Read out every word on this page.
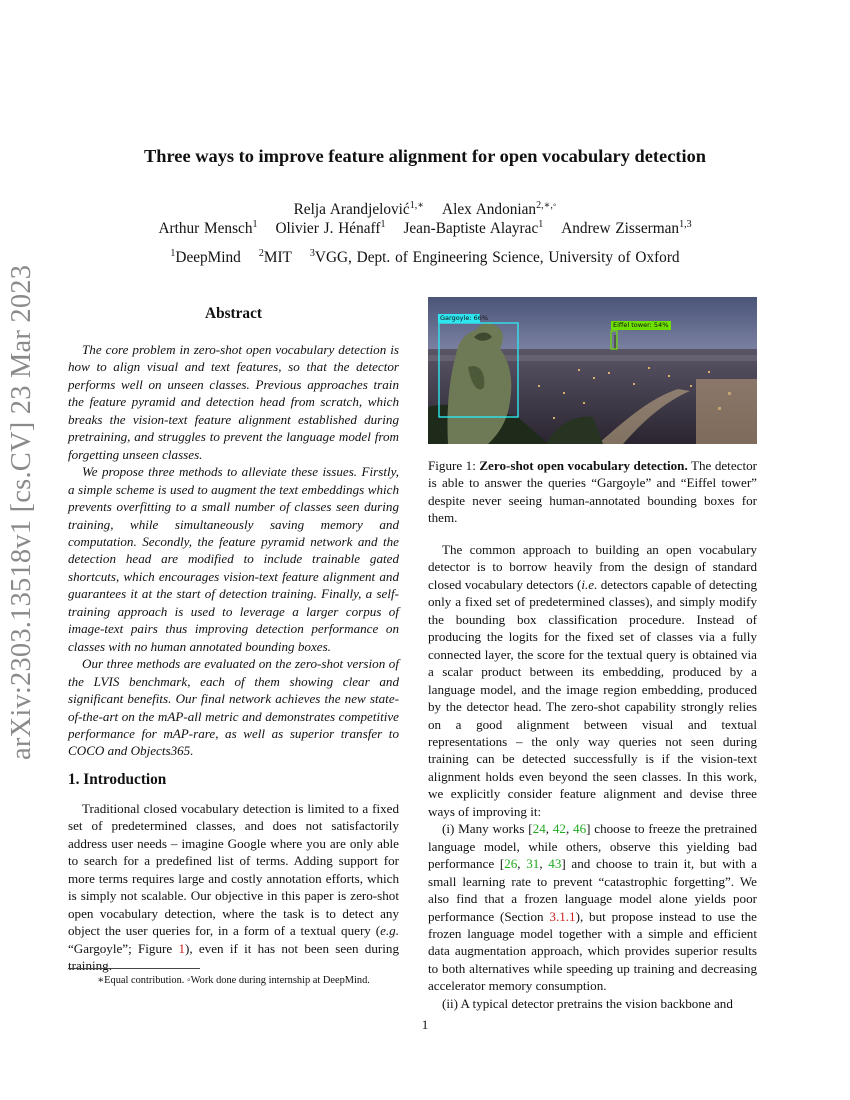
arXiv:2303.13518v1 [cs.CV] 23 Mar 2023
Three ways to improve feature alignment for open vocabulary detection
Relja Arandjelović$^{1,∗}$ Alex Andonian$^{2,∗,◦}$
Arthur Mensch$^1$ Olivier J. Hénaff$^1$ Jean-Baptiste Alayrac$^1$ Andrew Zisserman$^{1,3}$
$^1$DeepMind $^2$MIT $^3$VGG, Dept. of Engineering Science, University of Oxford
Abstract

The core problem in zero-shot open vocabulary detection is how to align visual and text features, so that the detector performs well on unseen classes. Previous approaches train the feature pyramid and detection head from scratch, which breaks the vision-text feature alignment established during pretraining, and struggles to prevent the language model from forgetting unseen classes.

We propose three methods to alleviate these issues. Firstly, a simple scheme is used to augment the text embeddings which prevents overfitting to a small number of classes seen during training, while simultaneously saving memory and computation. Secondly, the feature pyramid network and the detection head are modified to include trainable gated shortcuts, which encourages vision-text feature alignment and guarantees it at the start of detection training. Finally, a self-training approach is used to leverage a larger corpus of image-text pairs thus improving detection performance on classes with no human annotated bounding boxes.

Our three methods are evaluated on the zero-shot version of the LVIS benchmark, each of them showing clear and significant benefits. Our final network achieves the new state-of-the-art on the mAP-all metric and demonstrates competitive performance for mAP-rare, as well as superior transfer to COCO and Objects365.

1. Introduction

Traditional closed vocabulary detection is limited to a fixed set of predetermined classes, and does not satisfactorily address user needs – imagine Google where you are only able to search for a predefined list of terms. Adding support for more terms requires large and costly annotation efforts, which is simply not scalable. Our objective in this paper is zero-shot open vocabulary detection, where the task is to detect any object the user queries for, in a form of a textual query (e.g. “Gargoyle”; Figure 1), even if it has not been seen during training.

∗Equal contribution. ◦Work done during internship at DeepMind.
Gargoyle: 66%
Eiffel tower: 54%
Figure 1: Zero-shot open vocabulary detection. The detector is able to answer the queries “Gargoyle” and “Eiffel tower” despite never seeing human-annotated bounding boxes for them.

The common approach to building an open vocabulary detector is to borrow heavily from the design of standard closed vocabulary detectors (i.e. detectors capable of detecting only a fixed set of predetermined classes), and simply modify the bounding box classification procedure. Instead of producing the logits for the fixed set of classes via a fully connected layer, the score for the textual query is obtained via a scalar product between its embedding, produced by a language model, and the image region embedding, produced by the detector head. The zero-shot capability strongly relies on a good alignment between visual and textual representations – the only way queries not seen during training can be detected successfully is if the vision-text alignment holds even beyond the seen classes. In this work, we explicitly consider feature alignment and devise three ways of improving it:

(i) Many works [24, 42, 46] choose to freeze the pretrained language model, while others, observe this yielding bad performance [26, 31, 43] and choose to train it, but with a small learning rate to prevent “catastrophic forgetting”. We also find that a frozen language model alone yields poor performance (Section 3.1.1), but propose instead to use the frozen language model together with a simple and efficient data augmentation approach, which provides superior results to both alternatives while speeding up training and decreasing accelerator memory consumption.

(ii) A typical detector pretrains the vision backbone and

1
